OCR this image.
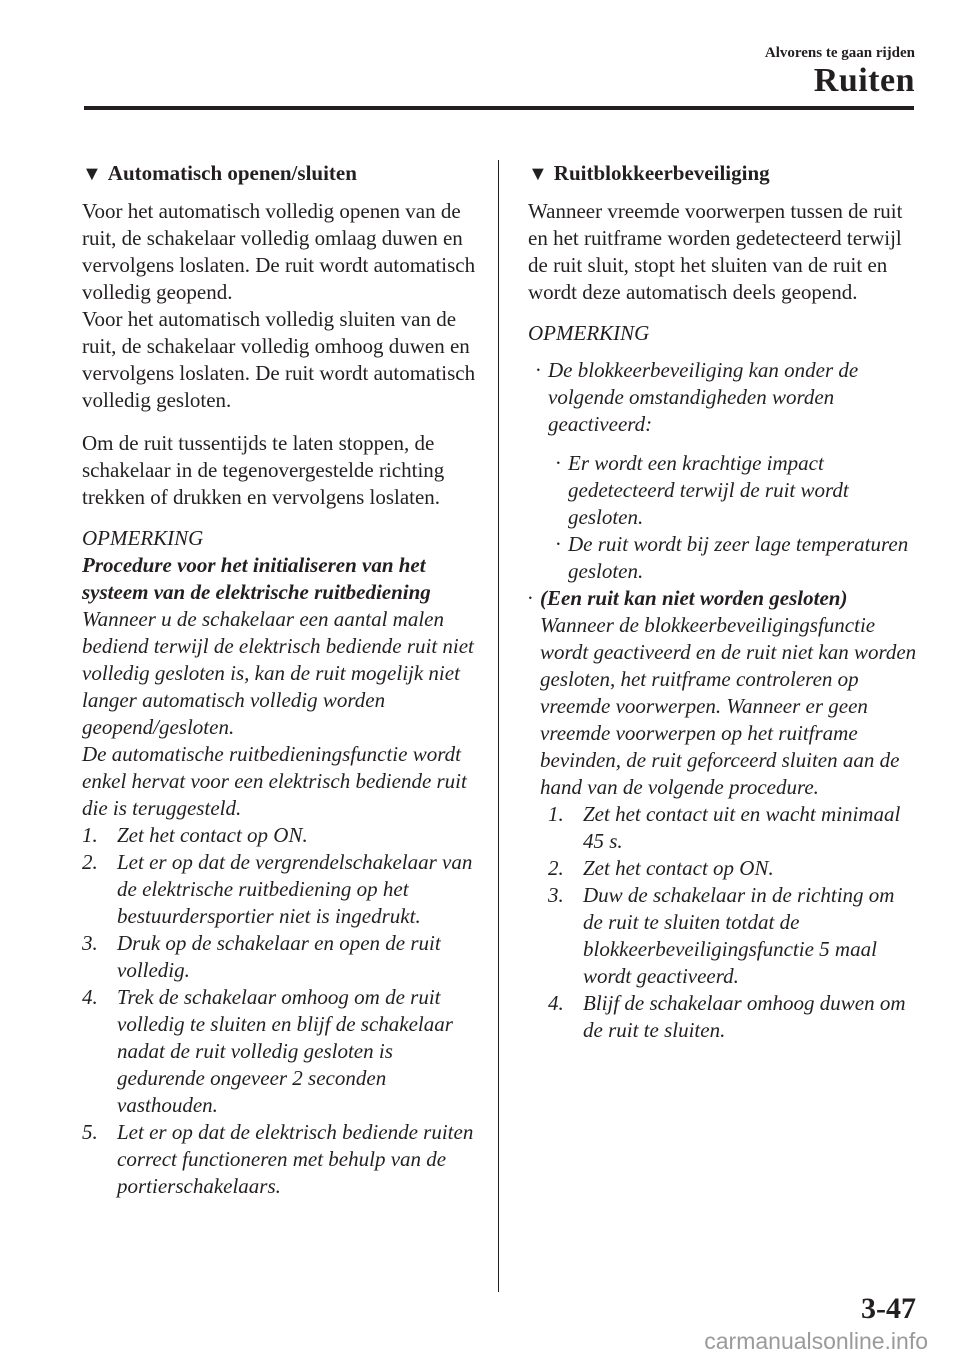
Alvorens te gaan rijden
Ruiten
▼ Automatisch openen/sluiten

Voor het automatisch volledig openen van de ruit, de schakelaar volledig omlaag duwen en vervolgens loslaten. De ruit wordt automatisch volledig geopend.

Voor het automatisch volledig sluiten van de ruit, de schakelaar volledig omhoog duwen en vervolgens loslaten. De ruit wordt automatisch volledig gesloten.

Om de ruit tussentijds te laten stoppen, de schakelaar in de tegenovergestelde richting trekken of drukken en vervolgens loslaten.

OPMERKING
Procedure voor het initialiseren van het systeem van de elektrische ruitbediening
Wanneer u de schakelaar een aantal malen bediend terwijl de elektrisch bediende ruit niet volledig gesloten is, kan de ruit mogelijk niet langer automatisch volledig worden geopend/gesloten.
De automatische ruitbedieningsfunctie wordt enkel hervat voor een elektrisch bediende ruit die is teruggesteld.
1. Zet het contact op ON.
2. Let er op dat de vergrendelschakelaar van de elektrische ruitbediening op het bestuurdersportier niet is ingedrukt.
3. Druk op de schakelaar en open de ruit volledig.
4. Trek de schakelaar omhoog om de ruit volledig te sluiten en blijf de schakelaar nadat de ruit volledig gesloten is gedurende ongeveer 2 seconden vasthouden.
5. Let er op dat de elektrisch bediende ruiten correct functioneren met behulp van de portierschakelaars.
▼ Ruitblokkeerbeveiliging

Wanneer vreemde voorwerpen tussen de ruit en het ruitframe worden gedetecteerd terwijl de ruit sluit, stopt het sluiten van de ruit en wordt deze automatisch deels geopend.

OPMERKING
· De blokkeerbeveiliging kan onder de volgende omstandigheden worden geactiveerd:
· Er wordt een krachtige impact gedetecteerd terwijl de ruit wordt gesloten.
· De ruit wordt bij zeer lage temperaturen gesloten.
· (Een ruit kan niet worden gesloten)
Wanneer de blokkeerbeveiligingsfunctie wordt geactiveerd en de ruit niet kan worden gesloten, het ruitframe controleren op vreemde voorwerpen. Wanneer er geen vreemde voorwerpen op het ruitframe bevinden, de ruit geforceerd sluiten aan de hand van de volgende procedure.
1. Zet het contact uit en wacht minimaal 45 s.
2. Zet het contact op ON.
3. Duw de schakelaar in de richting om de ruit te sluiten totdat de blokkeerbeveiligingsfunctie 5 maal wordt geactiveerd.
4. Blijf de schakelaar omhoog duwen om de ruit te sluiten.
3-47
carmanualsonline.info
